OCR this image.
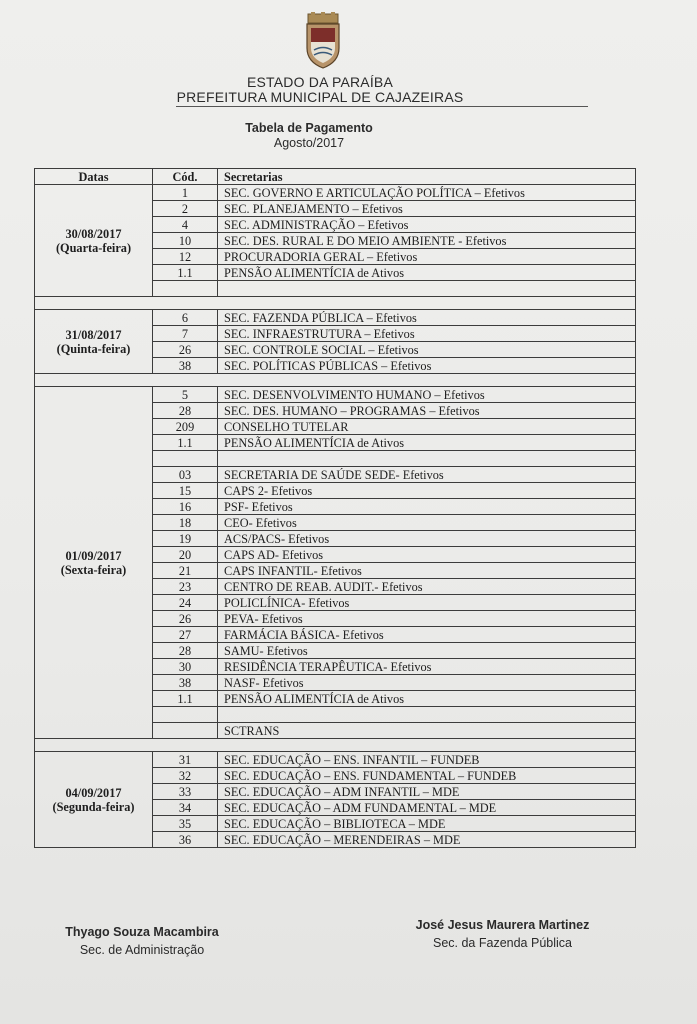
ESTADO DA PARAÍBA
PREFEITURA MUNICIPAL DE CAJAZEIRAS
Tabela de Pagamento
Agosto/2017
Datas	Cód.	Secretarias

30/08/2017
(Quarta-feira)	1	SEC. GOVERNO E ARTICULAÇÃO POLÍTICA – Efetivos
	2	SEC. PLANEJAMENTO – Efetivos
	4	SEC. ADMINISTRAÇÃO – Efetivos
	10	SEC. DES. RURAL E DO MEIO AMBIENTE - Efetivos
	12	PROCURADORIA GERAL – Efetivos
	1.1	PENSÃO ALIMENTÍCIA de Ativos

31/08/2017
(Quinta-feira)	6	SEC. FAZENDA PÚBLICA – Efetivos
	7	SEC. INFRAESTRUTURA – Efetivos
	26	SEC. CONTROLE SOCIAL – Efetivos
	38	SEC. POLÍTICAS PÚBLICAS – Efetivos

01/09/2017
(Sexta-feira)	5	SEC. DESENVOLVIMENTO HUMANO – Efetivos
	28	SEC. DES. HUMANO – PROGRAMAS – Efetivos
	209	CONSELHO TUTELAR
	1.1	PENSÃO ALIMENTÍCIA de Ativos

	03	SECRETARIA DE SAÚDE SEDE- Efetivos
	15	CAPS 2- Efetivos
	16	PSF- Efetivos
	18	CEO- Efetivos
	19	ACS/PACS- Efetivos
	20	CAPS AD- Efetivos
	21	CAPS INFANTIL- Efetivos
	23	CENTRO DE REAB. AUDIT.- Efetivos
	24	POLICLÍNICA- Efetivos
	26	PEVA- Efetivos
	27	FARMÁCIA BÁSICA- Efetivos
	28	SAMU- Efetivos
	30	RESIDÊNCIA TERAPÊUTICA- Efetivos
	38	NASF- Efetivos
	1.1	PENSÃO ALIMENTÍCIA de Ativos

		SCTRANS

04/09/2017
(Segunda-feira)	31	SEC. EDUCAÇÃO – ENS. INFANTIL – FUNDEB
	32	SEC. EDUCAÇÃO – ENS. FUNDAMENTAL – FUNDEB
	33	SEC. EDUCAÇÃO – ADM INFANTIL – MDE
	34	SEC. EDUCAÇÃO – ADM FUNDAMENTAL – MDE
	35	SEC. EDUCAÇÃO – BIBLIOTECA – MDE
	36	SEC. EDUCAÇÃO – MERENDEIRAS – MDE
Thyago Souza Macambira
Sec. de Administração
José Jesus Maurera Martinez
Sec. da Fazenda Pública
